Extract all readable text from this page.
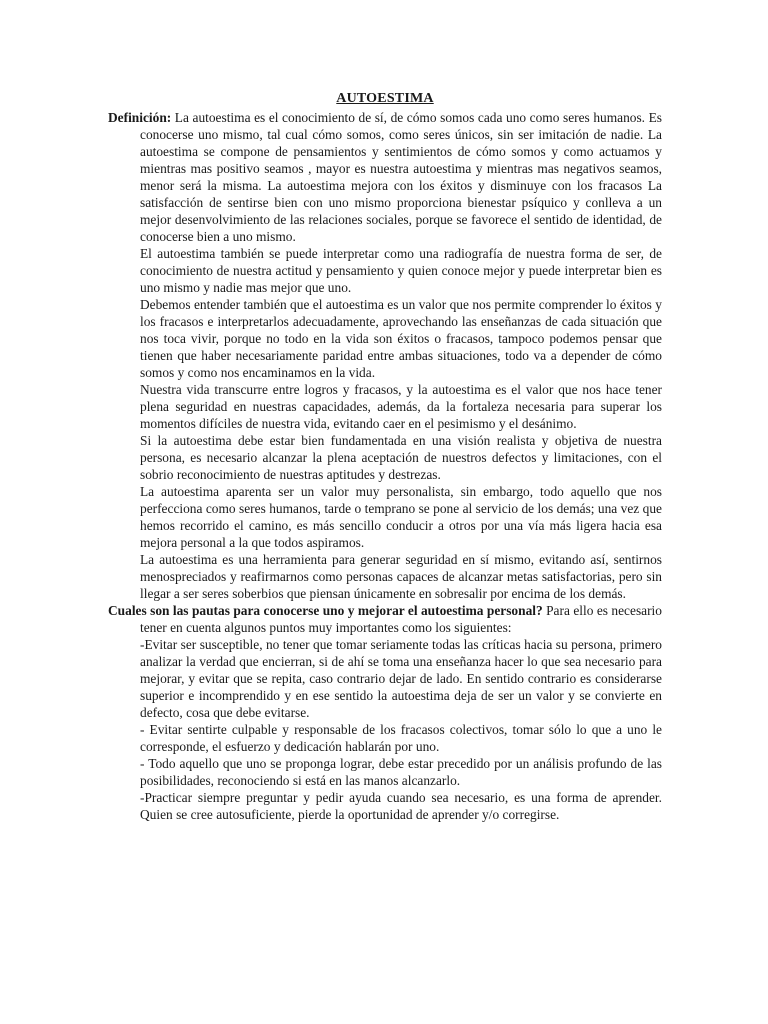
AUTOESTIMA

Definición: La autoestima es el conocimiento de sí, de cómo somos cada uno como seres humanos. Es conocerse uno mismo, tal cual cómo somos, como seres únicos, sin ser imitación de nadie. La autoestima se compone de pensamientos y sentimientos de cómo somos y como actuamos y mientras mas positivo seamos , mayor es nuestra autoestima y mientras mas negativos seamos, menor será la misma. La autoestima mejora con los éxitos y disminuye con los fracasos La satisfacción de sentirse bien con uno mismo proporciona bienestar psíquico y conlleva a un mejor desenvolvimiento de las relaciones sociales, porque se favorece el sentido de identidad, de conocerse bien a uno mismo.

El autoestima también se puede interpretar como una radiografía de nuestra forma de ser, de conocimiento de nuestra actitud y pensamiento y quien conoce mejor y puede interpretar bien es uno mismo y nadie mas mejor que uno.

Debemos entender también que el autoestima es un valor que nos permite comprender lo éxitos y los fracasos e interpretarlos adecuadamente, aprovechando las enseñanzas de cada situación que nos toca vivir, porque no todo en la vida son éxitos o fracasos, tampoco podemos pensar que tienen que haber necesariamente paridad entre ambas situaciones, todo va a depender de cómo somos y como nos encaminamos en la vida.

Nuestra vida transcurre entre logros y fracasos, y la autoestima es el valor que nos hace tener plena seguridad en nuestras capacidades, además, da la fortaleza necesaria para superar los momentos difíciles de nuestra vida, evitando caer en el pesimismo y el desánimo.

Si la autoestima debe estar bien fundamentada en una visión realista y objetiva de nuestra persona, es necesario alcanzar la plena aceptación de nuestros defectos y limitaciones, con el sobrio reconocimiento de nuestras aptitudes y destrezas.

La autoestima aparenta ser un valor muy personalista, sin embargo, todo aquello que nos perfecciona como seres humanos, tarde o temprano se pone al servicio de los demás; una vez que hemos recorrido el camino, es más sencillo conducir a otros por una vía más ligera hacia esa mejora personal a la que todos aspiramos.

La autoestima es una herramienta para generar seguridad en sí mismo, evitando así, sentirnos menospreciados y reafirmarnos como personas capaces de alcanzar metas satisfactorias, pero sin llegar a ser seres soberbios que piensan únicamente en sobresalir por encima de los demás.

Cuales son las pautas para conocerse uno y mejorar el autoestima personal? Para ello es necesario tener en cuenta algunos puntos muy importantes como los siguientes:

-Evitar ser susceptible, no tener que tomar seriamente todas las críticas hacia su persona, primero analizar la verdad que encierran, si de ahí se toma una enseñanza hacer lo que sea necesario para mejorar, y evitar que se repita, caso contrario dejar de lado. En sentido contrario es considerarse superior e incomprendido y en ese sentido la autoestima deja de ser un valor y se convierte en defecto, cosa que debe evitarse.

- Evitar sentirte culpable y responsable de los fracasos colectivos, tomar sólo lo que a uno le corresponde, el esfuerzo y dedicación hablarán por uno.

- Todo aquello que uno se proponga lograr, debe estar precedido por un análisis profundo de las posibilidades, reconociendo si está en las manos alcanzarlo.

-Practicar siempre preguntar y pedir ayuda cuando sea necesario, es una forma de aprender. Quien se cree autosuficiente, pierde la oportunidad de aprender y/o corregirse.
